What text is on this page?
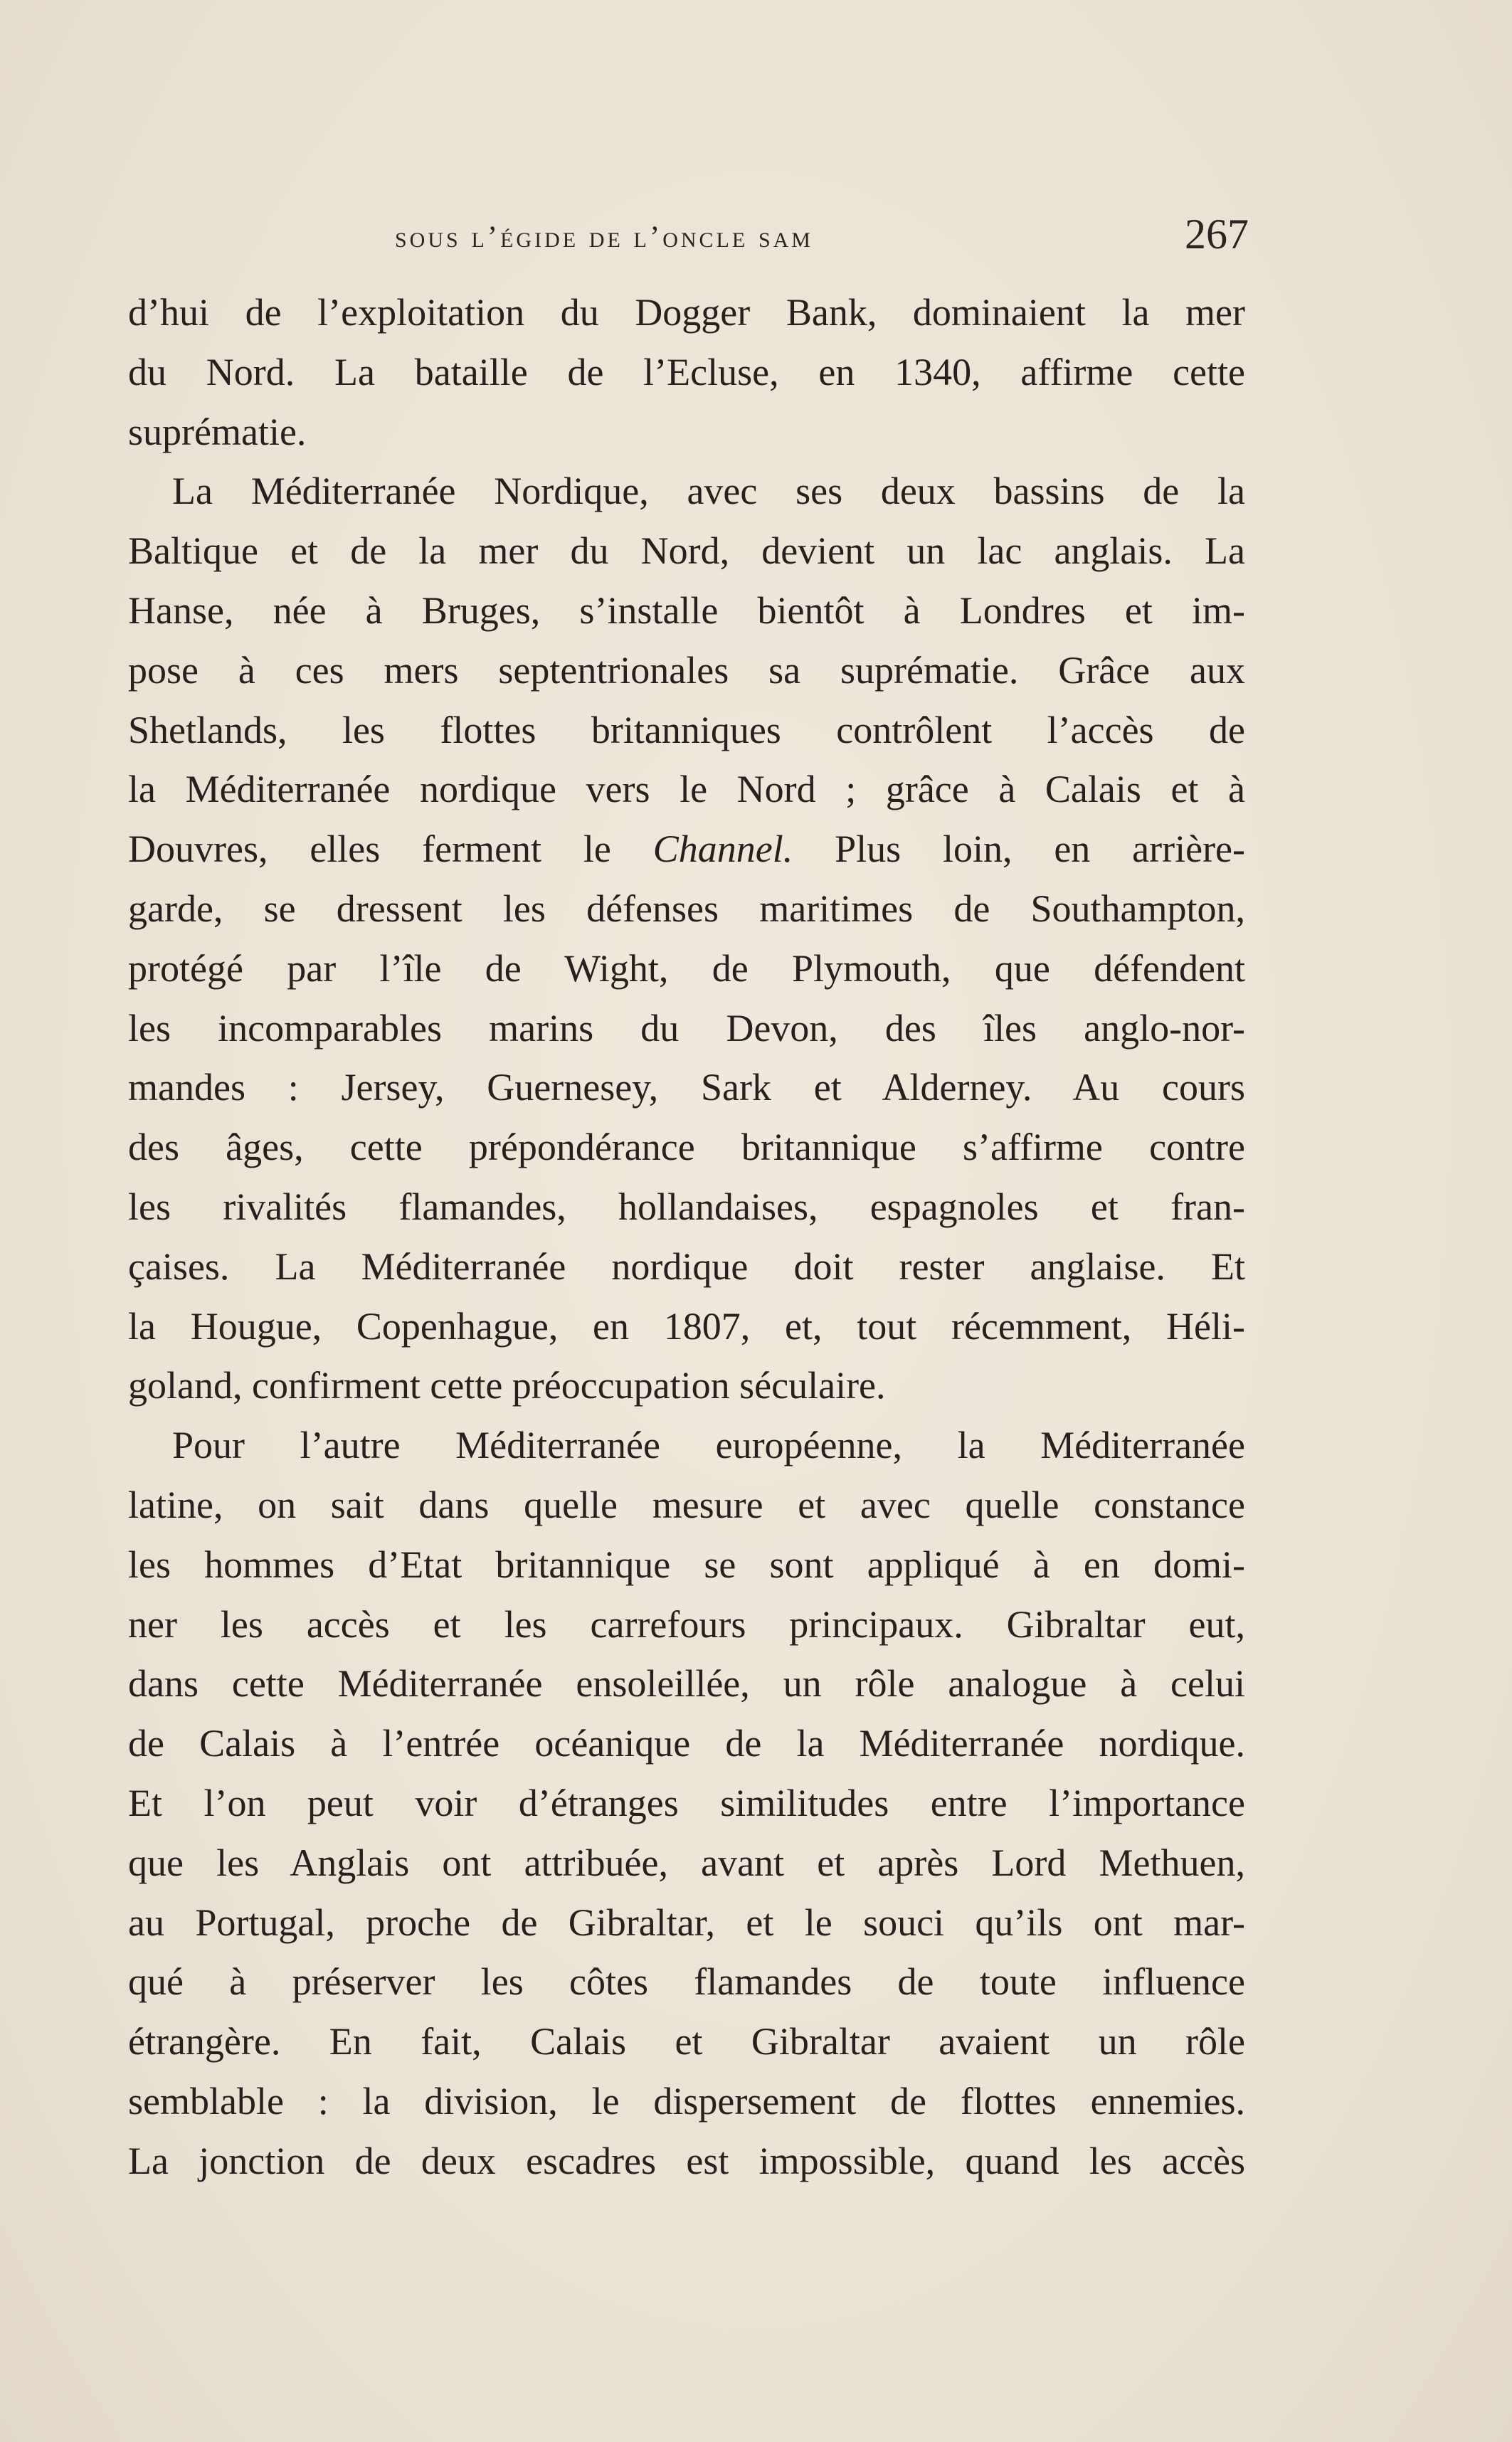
sous l’égide de l’oncle sam	267
d’hui de l’exploitation du Dogger Bank, dominaient la mer
du Nord. La bataille de l’Ecluse, en 1340, affirme cette
suprématie.
La Méditerranée Nordique, avec ses deux bassins de la
Baltique et de la mer du Nord, devient un lac anglais. La
Hanse, née à Bruges, s’installe bientôt à Londres et im-
pose à ces mers septentrionales sa suprématie. Grâce aux
Shetlands, les flottes britanniques contrôlent l’accès de
la Méditerranée nordique vers le Nord ; grâce à Calais et à
Douvres, elles ferment le Channel. Plus loin, en arrière-
garde, se dressent les défenses maritimes de Southampton,
protégé par l’île de Wight, de Plymouth, que défendent
les incomparables marins du Devon, des îles anglo-nor-
mandes : Jersey, Guernesey, Sark et Alderney. Au cours
des âges, cette prépondérance britannique s’affirme contre
les rivalités flamandes, hollandaises, espagnoles et fran-
çaises. La Méditerranée nordique doit rester anglaise. Et
la Hougue, Copenhague, en 1807, et, tout récemment, Héli-
goland, confirment cette préoccupation séculaire.
Pour l’autre Méditerranée européenne, la Méditerranée
latine, on sait dans quelle mesure et avec quelle constance
les hommes d’Etat britannique se sont appliqué à en domi-
ner les accès et les carrefours principaux. Gibraltar eut,
dans cette Méditerranée ensoleillée, un rôle analogue à celui
de Calais à l’entrée océanique de la Méditerranée nordique.
Et l’on peut voir d’étranges similitudes entre l’importance
que les Anglais ont attribuée, avant et après Lord Methuen,
au Portugal, proche de Gibraltar, et le souci qu’ils ont mar-
qué à préserver les côtes flamandes de toute influence
étrangère. En fait, Calais et Gibraltar avaient un rôle
semblable : la division, le dispersement de flottes ennemies.
La jonction de deux escadres est impossible, quand les accès
